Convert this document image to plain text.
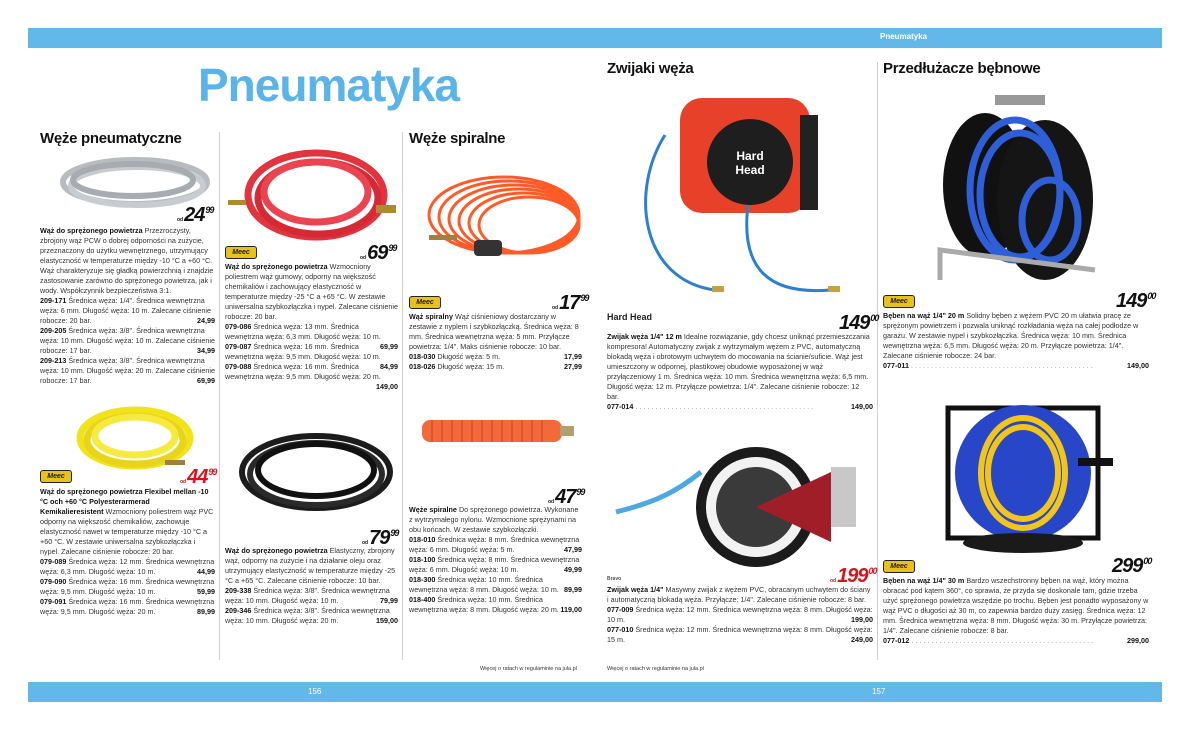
Pneumatyka
156	157
Więcej o ratach w regulaminie na jula.pl	Więcej o ratach w regulaminie na jula.pl
Pneumatyka
Węże pneumatyczne	Węże spiralne
Zwijaki węża	Przedłużacze bębnowe
Hard
Head
$od24^{99}$
Wąż do sprężonego powietrza Przezroczysty, zbrojony wąż PCW o dobrej odporności na zużycie, przeznaczony do użytku wewnętrznego, utrzymujący elastyczność w temperaturze między -10 °C a +60 °C. Wąż charakteryzuje się gładką powierzchnią i znajdzie zastosowanie zarówno do sprężonego powietrza, jak i wody. Współczynnik bezpieczeństwa 3:1.
209-171 Średnica węża: 1/4". Średnica wewnętrzna węża: 6 mm. Długość węża: 10 m. Zalecane ciśnienie robocze: 20 bar.	24,99
209-205 Średnica węża: 3/8". Średnica wewnętrzna węża: 10 mm. Długość węża: 10 m. Zalecane ciśnienie robocze: 17 bar.	34,99
209-213 Średnica węża: 3/8". Średnica wewnętrzna węża: 10 mm. Długość węża: 20 m. Zalecane ciśnienie robocze: 17 bar.	69,99
Meec
$od44^{99}$
Wąż do sprężonego powietrza Flexibel mellan -10 °C och +60 °C Polyesterarmerad Kemikalieresistent Wzmocniony poliestrem wąż PVC odporny na większość chemikaliów, zachowuje elastyczność nawet w temperaturze między -10 °C a +60 °C. W zestawie uniwersalna szybkozłączka i nypel. Zalecane ciśnienie robocze: 20 bar.
079-089 Średnica węża: 12 mm. Średnica wewnętrzna węża: 6,3 mm. Długość węża: 10 m.	44,99
079-090 Średnica węża: 16 mm. Średnica wewnętrzna węża: 9,5 mm. Długość węża: 10 m.	59,99
079-091 Średnica węża: 16 mm. Średnica wewnętrzna węża: 9,5 mm. Długość węża: 20 m.	89,99
Meec
$od69^{99}$
Wąż do sprężonego powietrza Wzmocniony poliestrem wąż gumowy, odporny na większość chemikaliów i zachowujący elastyczność w temperaturze między -25 °C a +65 °C. W zestawie uniwersalna szybkozłączka i nypel. Zalecane ciśnienie robocze: 20 bar.
079-086 Średnica węża: 13 mm. Średnica wewnętrzna węża: 6,3 mm. Długość węża: 10 m.
69,99
079-087 Średnica węża: 16 mm. Średnica wewnętrzna węża: 9,5 mm. Długość węża: 10 m.
84,99
079-088 Średnica węża: 16 mm. Średnica wewnętrzna węża: 9,5 mm. Długość węża: 20 m.
149,00
$od79^{99}$
Wąż do sprężonego powietrza Elastyczny, zbrojony wąż, odporny na zużycie i na działanie oleju oraz utrzymujący elastyczność w temperaturze między -25 °C a +65 °C. Zalecane ciśnienie robocze: 10 bar.
209-338 Średnica węża: 3/8". Średnica wewnętrzna węża: 10 mm. Długość węża: 10 m.	79,99
209-346 Średnica węża: 3/8". Średnica wewnętrzna węża: 10 mm. Długość węża: 20 m.	159,00
Meec
$od17^{99}$
Wąż spiralny Wąż ciśnieniowy dostarczany w zestawie z nyplem i szybkozłączką. Średnica węża: 8 mm. Średnica wewnętrzna węża: 5 mm. Przyłącze powietrza: 1/4". Maks ciśnienie robocze: 10 bar.
018-030 Długość węża: 5 m.	17,99
018-026 Długość węża: 15 m.	27,99
$od47^{99}$
Węże spiralne Do sprężonego powietrza. Wykonane z wytrzymałego nylonu. Wzmocnione sprężynami na obu końcach. W zestawie szybkozłączki.
018-010 Średnica węża: 8 mm. Średnica wewnętrzna węża: 6 mm. Długość węża: 5 m.	47,99
018-100 Średnica węża: 8 mm. Średnica wewnętrzna węża: 6 mm. Długość węża: 10 m.	49,99
018-300 Średnica węża: 10 mm. Średnica wewnętrzna węża: 8 mm. Długość węża: 10 m. 89,99
018-400 Średnica węża: 10 mm. Średnica wewnętrzna węża: 8 mm. Długość węża: 20 m. 119,00
Hard Head	$149^{00}$
Zwijak węża 1/4" 12 m Idealne rozwiązanie, gdy chcesz uniknąć przemieszczania kompresora! Automatyczny zwijak z wytrzymałym wężem z PVC, automatyczną blokadą węża i obrotowym uchwytem do mocowania na ścianie/suficie. Wąż jest umieszczony w odpornej, plastikowej obudowie wyposażonej w wąż przyłączeniowy 1 m. Średnica węża: 10 mm. Średnica wewnętrzna węża: 6,5 mm. Długość węża: 12 m. Przyłącze powietrza: 1/4". Zalecane ciśnienie robocze: 12 bar.
077-014 . . . . . . . . . . . . . . . . . . . . . . . . . . . . . . . . . . . . . . . . . . . . .	149,00
Bravo	$od199^{00}$
Zwijak węża 1/4" Masywny zwijak z wężem PVC, obracanym uchwytem do ściany i automatyczną blokadą węża. Przyłącze: 1/4". Zalecane ciśnienie robocze: 8 bar.
077-009 Średnica węża: 12 mm. Średnica wewnętrzna węża: 8 mm. Długość węża: 10 m.	199,00
077-010 Średnica węża: 12 mm. Średnica wewnętrzna węża: 8 mm. Długość węża: 15 m.	249,00
Meec	$149^{00}$
Bęben na wąż 1/4" 20 m Solidny bęben z wężem PVC 20 m ułatwia pracę ze sprężonym powietrzem i pozwala uniknąć rozkładania węża na całej podłodze w garażu. W zestawie nypel i szybkozłączka. Średnica węża: 10 mm. Średnica wewnętrzna węża: 6,5 mm. Długość węża: 20 m. Przyłącze powietrza: 1/4". Zalecane ciśnienie robocze: 24 bar.
077-011 . . . . . . . . . . . . . . . . . . . . . . . . . . . . . . . . . . . . . . . . . . . . . .	149,00
Meec	$299^{00}$
Bęben na wąż 1/4" 30 m Bardzo wszechstronny bęben na wąż, który można obracać pod kątem 360°, co sprawia, że przyda się doskonale tam, gdzie trzeba użyć sprężonego powietrza wszędzie po trochu. Bęben jest ponadto wyposażony w wąż PVC o długości aż 30 m, co zapewnia bardzo duży zasięg. Średnica węża: 12 mm. Średnica wewnętrzna węża: 8 mm. Długość węża: 30 m. Przyłącze powietrza: 1/4". Zalecane ciśnienie robocze: 8 bar.
077-012 . . . . . . . . . . . . . . . . . . . . . . . . . . . . . . . . . . . . . . . . . . . . . .	299,00
